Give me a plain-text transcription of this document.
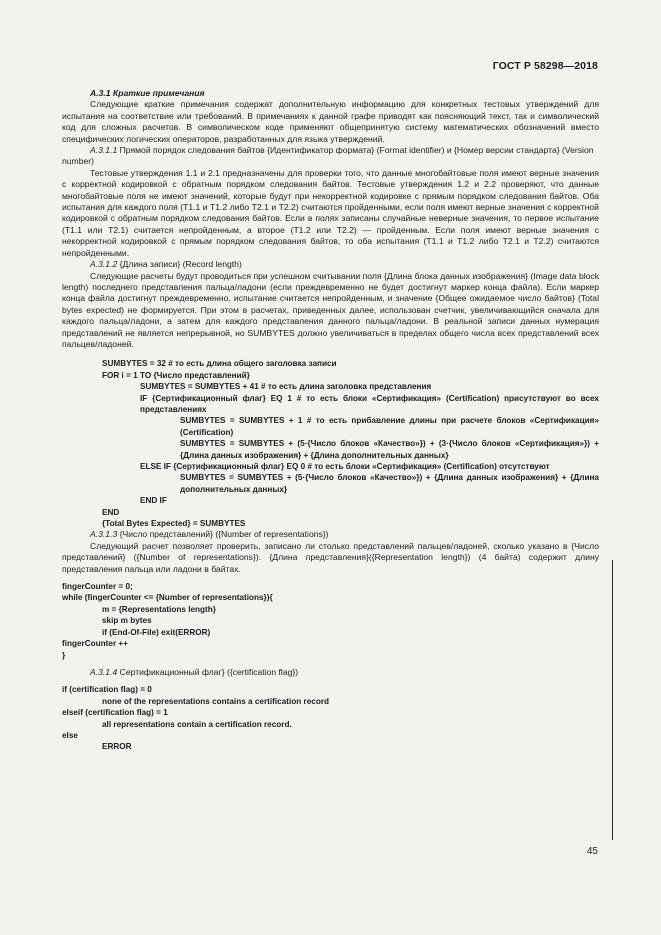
ГОСТ Р 58298—2018

A.3.1 Краткие примечания

Следующие краткие примечания содержат дополнительную информацию для конкретных тестовых утверждений для испытания на соответствие или требований. В примечаниях к данной графе приводят как поясняющий текст, так и символический код для сложных расчетов. В символическом коде применяют общепринятую систему математических обозначений вместо специфических логических операторов, разработанных для языка утверждений.

A.3.1.1 Прямой порядок следования байтов {Идентификатор формата} (Format identifier) и {Номер версии стандарта} (Version number)

Тестовые утверждения 1.1 и 2.1 предназначены для проверки того, что данные многобайтовые поля имеют верные значения с корректной кодировкой с обратным порядком следования байтов. Тестовые утверждения 1.2 и 2.2 проверяют, что данные многобайтовые поля не имеют значений, которые будут при некорректной кодировке с прямым порядком следования байтов. Оба испытания для каждого поля (T1.1 и T1.2 либо T2.1 и T2.2) считаются пройденными, если поля имеют верные значения с корректной кодировкой с обратным порядком следования байтов. Если в полях записаны случайные неверные значения, то первое испытание (T1.1 или T2.1) считается непройденным, а второе (T1.2 или T2.2) — пройденным. Если поля имеют верные значения с некорректной кодировкой с прямым порядком следования байтов, то оба испытания (T1.1 и T1.2 либо T2.1 и T2.2) считаются непройденными.

A.3.1.2 {Длина записи} (Record length)

Следующие расчеты будут проводиться при успешном считывании поля {Длина блока данных изображения} (Image data block length) последнего представления пальца/ладони (если преждевременно не будет достигнут маркер конца файла). Если маркер конца файла достигнут преждевременно, испытание считается непройденным, и значение {Общее ожидаемое число байтов} (Total bytes expected) не формируется. При этом в расчетах, приведенных далее, использован счетчик, увеличивающийся сначала для каждого пальца/ладони, а затем для каждого представления данного пальца/ладони. В реальной записи данных нумерация представлений не является непрерывной, но SUMBYTES должно увеличиваться в пределах общего числа всех представлений всех пальцев/ладоней.

SUMBYTES = 32 # то есть длина общего заголовка записи

FOR i = 1 TO {Число представлений}

SUMBYTES = SUMBYTES + 41 # то есть длина заголовка представления

IF {Сертификационный флаг} EQ 1 # то есть блоки «Сертификация» (Certification) присутствуют во всех представлениях

SUMBYTES = SUMBYTES + 1 # то есть прибавление длины при расчете блоков «Сертификация» (Certification)

SUMBYTES = SUMBYTES + (5·{Число блоков «Качество»}) + (3·{Число блоков «Сертификация»}) + {Длина данных изображения} + {Длина дополнительных данных}

ELSE IF {Сертификационный флаг} EQ 0 # то есть блоки «Сертификация» (Certification) отсутствуют

SUMBYTES = SUMBYTES + (5·{Число блоков «Качество»}) + {Длина данных изображения} + {Длина дополнительных данных}

END IF

END

{Total Bytes Expected} = SUMBYTES

A.3.1.3 {Число представлений} ({Number of representations})

Следующий расчет позволяет проверить, записано ли столько представлений пальцев/ладоней, сколько указано в {Число представлений} ({Number of representations}). {Длина представления}({Representation length}) (4 байта) содержит длину представления пальца или ладони в байтах.

fingerCounter = 0;

while (fingerCounter <= {Number of representations}){

m = {Representations length}

skip m bytes

if (End-Of-File) exit(ERROR)

fingerCounter ++

}

A.3.1.4 Сертификационный флаг} ({certification flag})

if (certification flag) = 0

none of the representations contains a certification record

elseif (certification flag) = 1

all representations contain a certification record.

else

ERROR

45
